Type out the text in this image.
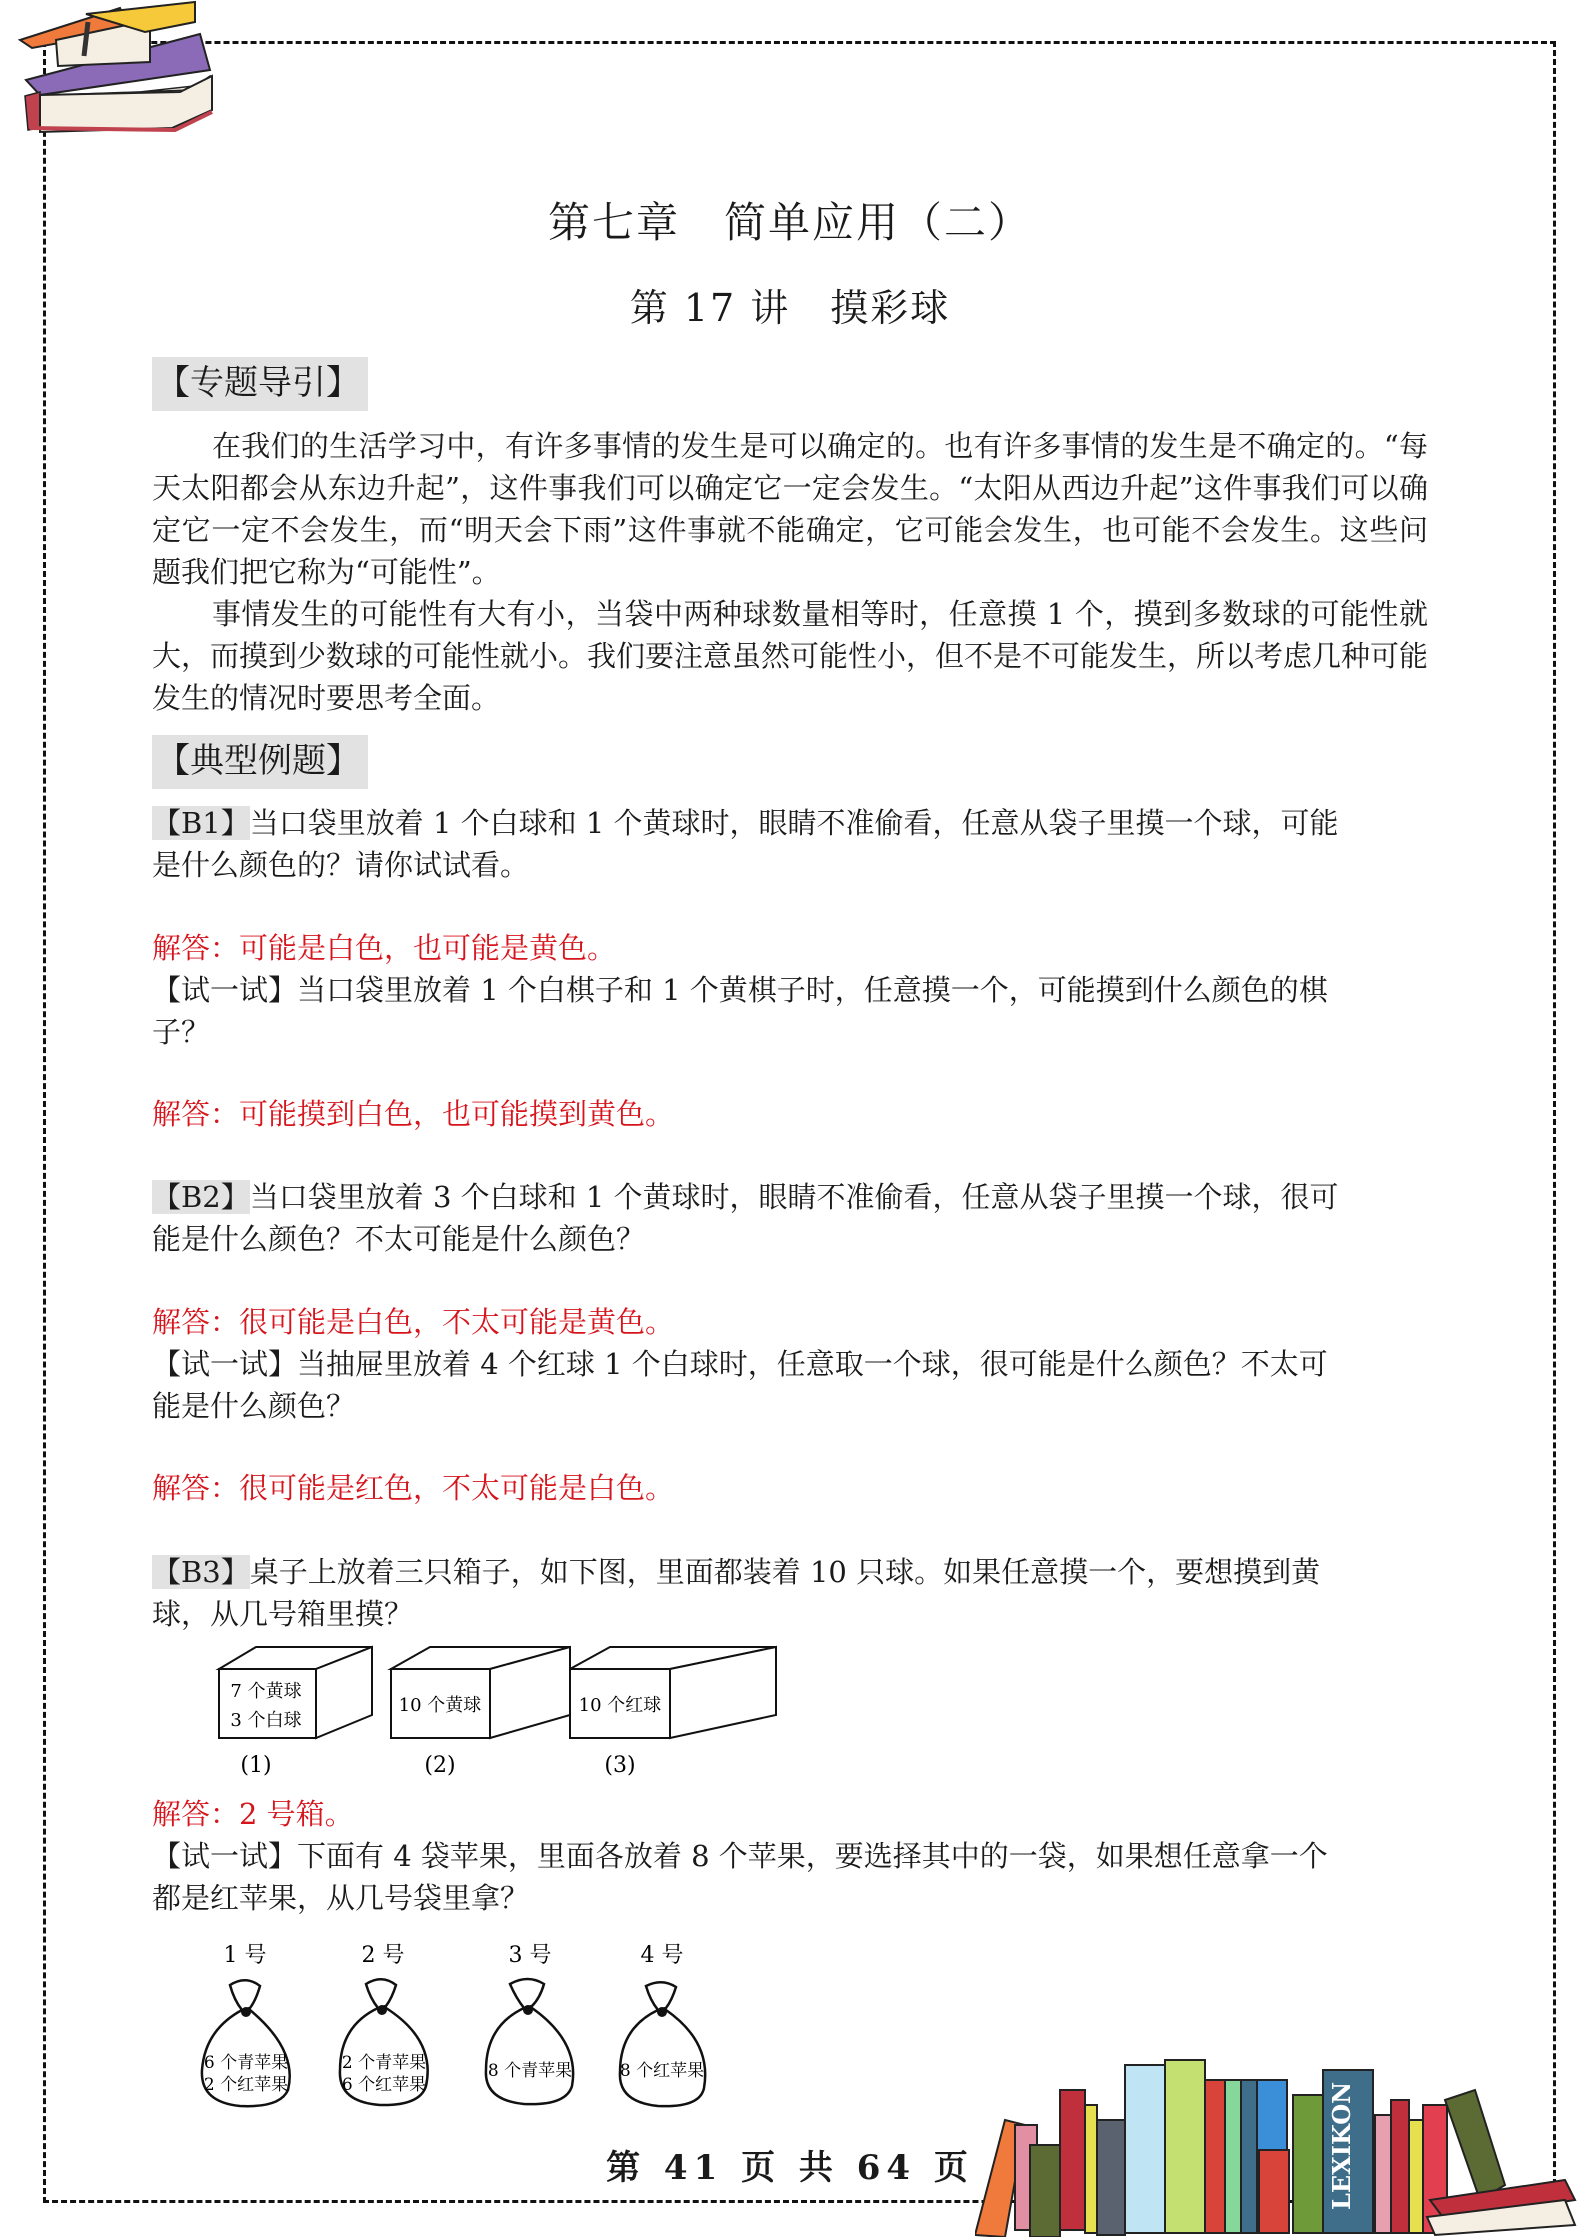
第七章　简单应用（二）
第 17 讲　摸彩球
【专题导引】
在我们的生活学习中，有许多事情的发生是可以确定的。也有许多事情的发生是不确定的。“每天太阳都会从东边升起”，这件事我们可以确定它一定会发生。“太阳从西边升起”这件事我们可以确定它一定不会发生，而“明天会下雨”这件事就不能确定，它可能会发生，也可能不会发生。这些问题我们把它称为“可能性”。
事情发生的可能性有大有小，当袋中两种球数量相等时，任意摸 1 个，摸到多数球的可能性就大，而摸到少数球的可能性就小。我们要注意虽然可能性小，但不是不可能发生，所以考虑几种可能发生的情况时要思考全面。
【典型例题】
【B1】当口袋里放着 1 个白球和 1 个黄球时，眼睛不准偷看，任意从袋子里摸一个球，可能
是什么颜色的？请你试试看。
解答：可能是白色，也可能是黄色。
【试一试】当口袋里放着 1 个白棋子和 1 个黄棋子时，任意摸一个，可能摸到什么颜色的棋
子？
解答：可能摸到白色，也可能摸到黄色。
【B2】当口袋里放着 3 个白球和 1 个黄球时，眼睛不准偷看，任意从袋子里摸一个球，很可
能是什么颜色？不太可能是什么颜色？
解答：很可能是白色，不太可能是黄色。
【试一试】当抽屉里放着 4 个红球 1 个白球时，任意取一个球，很可能是什么颜色？不太可
能是什么颜色？
解答：很可能是红色，不太可能是白色。
【B3】桌子上放着三只箱子，如下图，里面都装着 10 只球。如果任意摸一个，要想摸到黄
球，从几号箱里摸？
7 个黄球
3 个白球
(1)
10 个黄球
(2)
10 个红球
(3)
解答：2 号箱。
【试一试】下面有 4 袋苹果，里面各放着 8 个苹果，要选择其中的一袋，如果想任意拿一个
都是红苹果，从几号袋里拿？
1 号
6 个青苹果
2 个红苹果
2 号
2 个青苹果
6 个红苹果
3 号
8 个青苹果
4 号
8 个红苹果
LEXIKON
第 41 页 共 64 页
